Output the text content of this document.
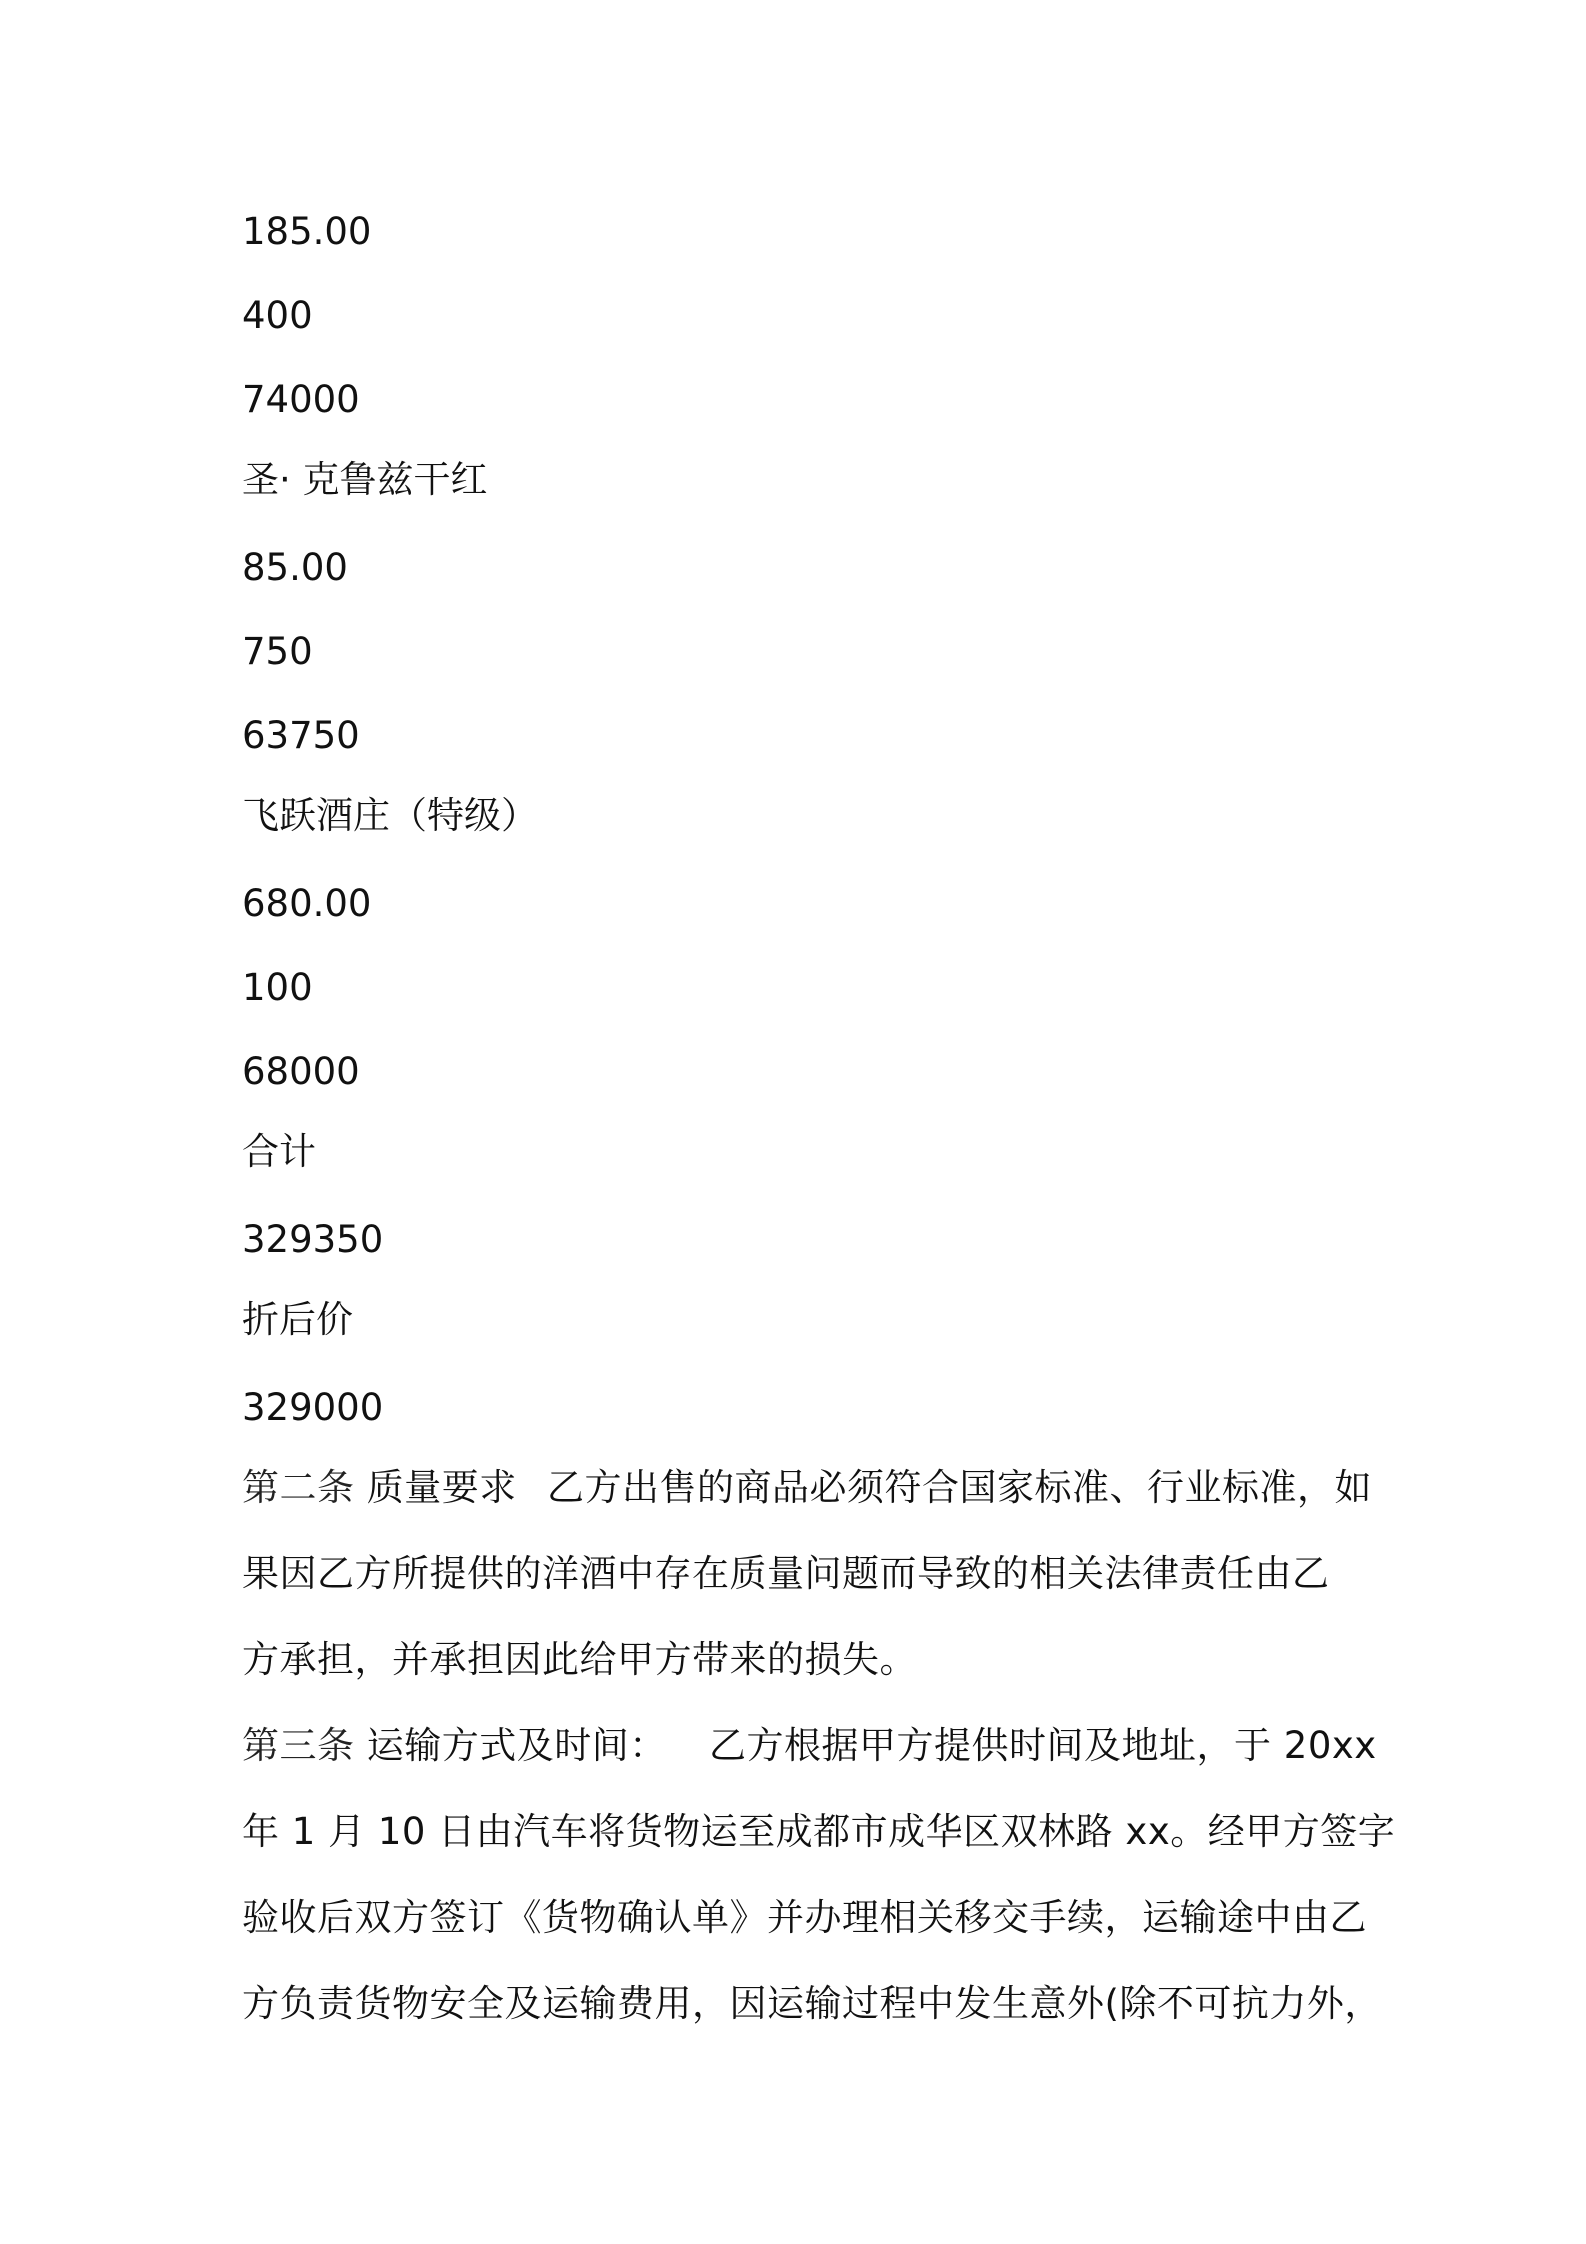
185.00

400

74000

圣· 克鲁兹干红

85.00

750

63750

飞跃酒庄（特级）

680.00

100

68000

合计

329350

折后价

329000

第二条 质量要求 乙方出售的商品必须符合国家标准、行业标准，如

果因乙方所提供的洋酒中存在质量问题而导致的相关法律责任由乙

方承担，并承担因此给甲方带来的损失。

第三条 运输方式及时间： 乙方根据甲方提供时间及地址，于 20xx

年 1 月 10 日由汽车将货物运至成都市成华区双林路 xx。经甲方签字

验收后双方签订《货物确认单》并办理相关移交手续，运输途中由乙

方负责货物安全及运输费用，因运输过程中发生意外(除不可抗力外，
